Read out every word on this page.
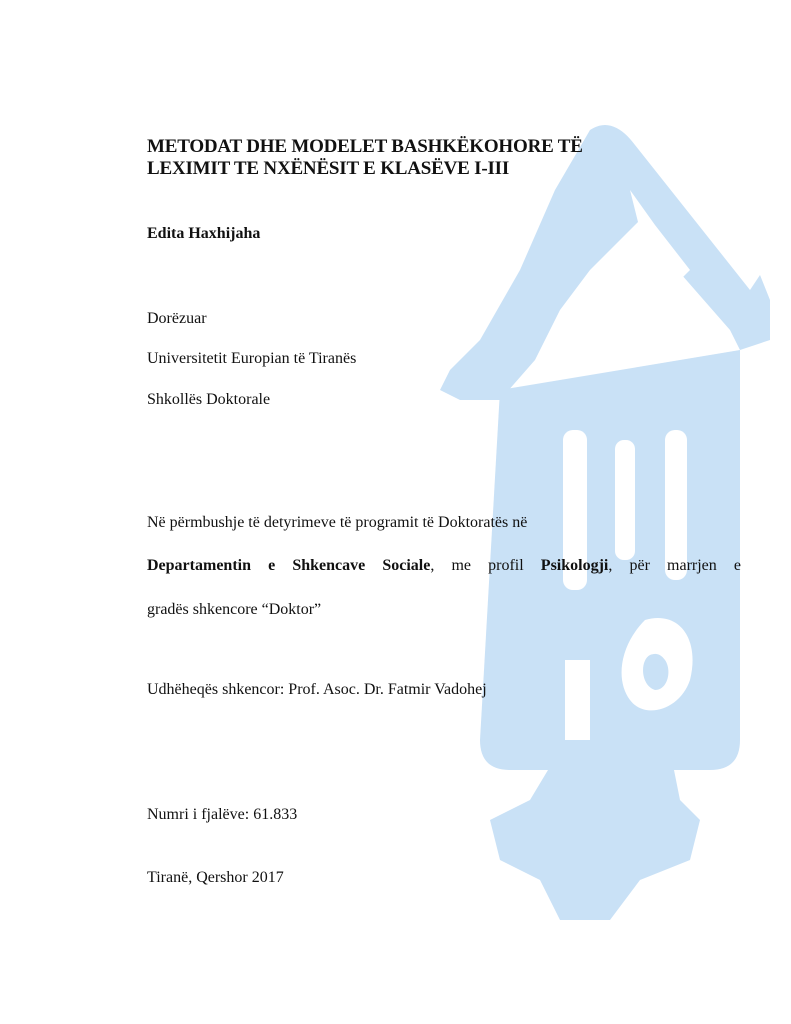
METODAT DHE MODELET BASHKËKOHORE TË
LEXIMIT TE NXËNËSIT E KLASËVE I-III
Edita Haxhijaha
Dorëzuar
Universitetit Europian të Tiranës
Shkollës Doktorale
Në përmbushje të detyrimeve të programit të Doktoratës në
Departamentin e Shkencave Sociale, me profil Psikologji, për marrjen e
gradës shkencore “Doktor”
Udhëheqës shkencor: Prof. Asoc. Dr. Fatmir Vadohej
Numri i fjalëve: 61.833
Tiranë, Qershor 2017
